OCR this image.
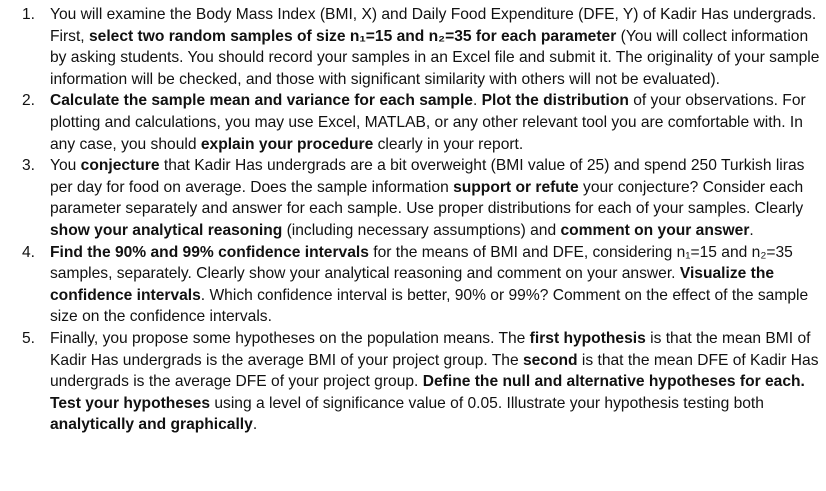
1. You will examine the Body Mass Index (BMI, X) and Daily Food Expenditure (DFE, Y) of Kadir Has undergrads. First, select two random samples of size n₁=15 and n₂=35 for each parameter (You will collect information by asking students. You should record your samples in an Excel file and submit it. The originality of your sample information will be checked, and those with significant similarity with others will not be evaluated).
2. Calculate the sample mean and variance for each sample. Plot the distribution of your observations. For plotting and calculations, you may use Excel, MATLAB, or any other relevant tool you are comfortable with. In any case, you should explain your procedure clearly in your report.
3. You conjecture that Kadir Has undergrads are a bit overweight (BMI value of 25) and spend 250 Turkish liras per day for food on average. Does the sample information support or refute your conjecture? Consider each parameter separately and answer for each sample. Use proper distributions for each of your samples. Clearly show your analytical reasoning (including necessary assumptions) and comment on your answer.
4. Find the 90% and 99% confidence intervals for the means of BMI and DFE, considering n₁=15 and n₂=35 samples, separately. Clearly show your analytical reasoning and comment on your answer. Visualize the confidence intervals. Which confidence interval is better, 90% or 99%? Comment on the effect of the sample size on the confidence intervals.
5. Finally, you propose some hypotheses on the population means. The first hypothesis is that the mean BMI of Kadir Has undergrads is the average BMI of your project group. The second is that the mean DFE of Kadir Has undergrads is the average DFE of your project group. Define the null and alternative hypotheses for each. Test your hypotheses using a level of significance value of 0.05. Illustrate your hypothesis testing both analytically and graphically.
